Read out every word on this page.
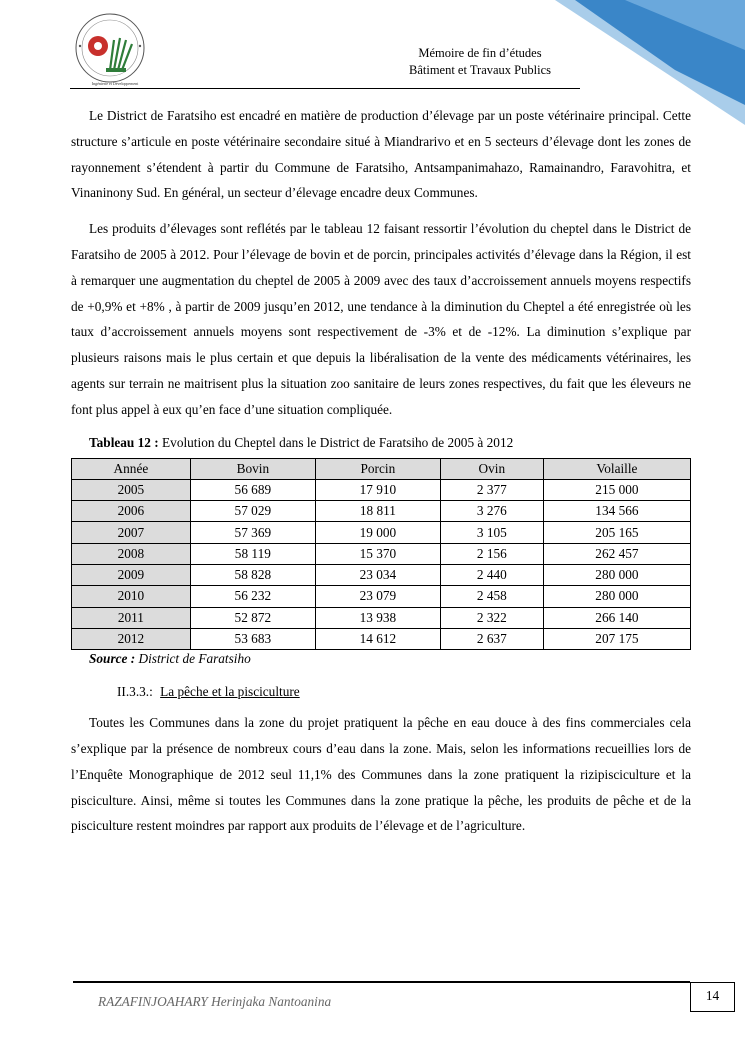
Ingénierie et Développement
Mémoire de fin d’études
Bâtiment et Travaux Publics

Le District de Faratsiho est encadré en matière de production d’élevage par un poste vétérinaire principal. Cette structure s’articule en poste vétérinaire secondaire situé à Miandrarivo et en 5 secteurs d’élevage dont les zones de rayonnement s’étendent à partir du Commune de Faratsiho, Antsampanimahazo, Ramainandro, Faravohitra, et Vinaninony Sud. En général, un secteur d’élevage encadre deux Communes.

Les produits d’élevages sont reflétés par le tableau 12 faisant ressortir l’évolution du cheptel dans le District de Faratsiho de 2005 à 2012. Pour l’élevage de bovin et de porcin, principales activités d’élevage dans la Région, il est à remarquer une augmentation du cheptel de 2005 à 2009 avec des taux d’accroissement annuels moyens respectifs de +0,9% et +8% , à partir de 2009 jusqu’en 2012, une tendance à la diminution du Cheptel a été enregistrée où les taux d’accroissement annuels moyens sont respectivement de -3% et de -12%. La diminution s’explique par plusieurs raisons mais le plus certain et que depuis la libéralisation de la vente des médicaments vétérinaires, les agents sur terrain ne maitrisent plus la situation zoo sanitaire de leurs zones respectives, du fait que les éleveurs ne font plus appel à eux qu’en face d’une situation compliquée.

Tableau 12 : Evolution du Cheptel dans le District de Faratsiho de 2005 à 2012
Année	Bovin	Porcin	Ovin	Volaille
2005	56 689	17 910	2 377	215 000
2006	57 029	18 811	3 276	134 566
2007	57 369	19 000	3 105	205 165
2008	58 119	15 370	2 156	262 457
2009	58 828	23 034	2 440	280 000
2010	56 232	23 079	2 458	280 000
2011	52 872	13 938	2 322	266 140
2012	53 683	14 612	2 637	207 175
Source : District de Faratsiho
II.3.3.: La pêche et la pisciculture

Toutes les Communes dans la zone du projet pratiquent la pêche en eau douce à des fins commerciales cela s’explique par la présence de nombreux cours d’eau dans la zone. Mais, selon les informations recueillies lors de l’Enquête Monographique de 2012 seul 11,1% des Communes dans la zone pratiquent la rizipisciculture et la pisciculture. Ainsi, même si toutes les Communes dans la zone pratique la pêche, les produits de pêche et de la pisciculture restent moindres par rapport aux produits de l’élevage et de l’agriculture.

RAZAFINJOAHARY Herinjaka Nantoanina	14
